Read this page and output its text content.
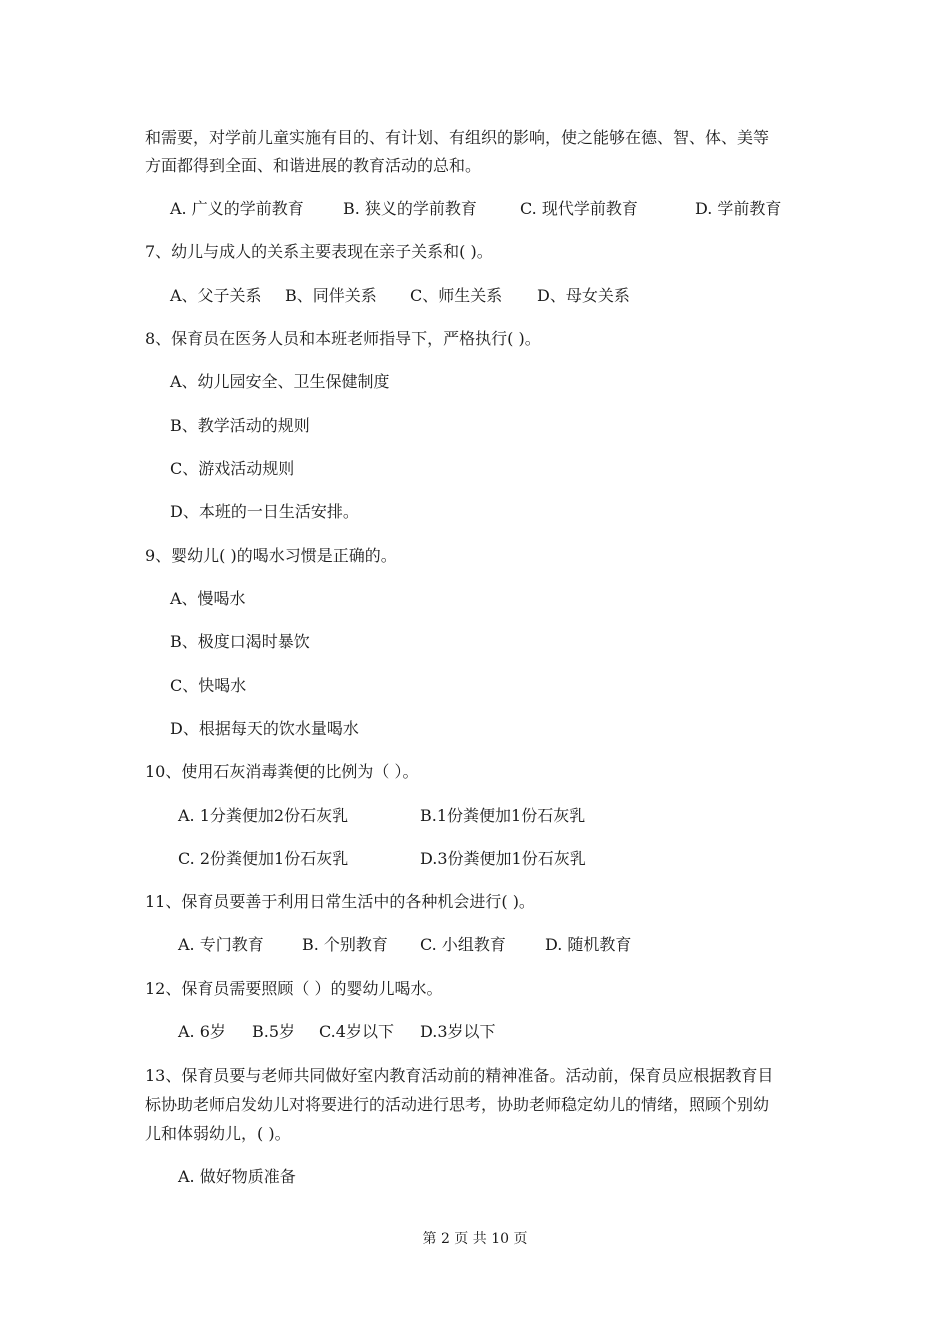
和需要，对学前儿童实施有目的、有计划、有组织的影响，使之能够在德、智、体、美等
方面都得到全面、和谐进展的教育活动的总和。
A. 广义的学前教育 B. 狭义的学前教育	C. 现代学前教育	D. 学前教育
7、幼儿与成人的关系主要表现在亲子关系和( )。
A、父子关系 B、同伴关系 C、师生关系 D、母女关系
8、保育员在医务人员和本班老师指导下，严格执行( )。
A、幼儿园安全、卫生保健制度
B、教学活动的规则
C、游戏活动规则
D、本班的一日生活安排。
9、婴幼儿( )的喝水习惯是正确的。
A、慢喝水
B、极度口渴时暴饮
C、快喝水
D、根据每天的饮水量喝水
10、使用石灰消毒粪便的比例为（ ）。
A. 1分粪便加2份石灰乳	B.1份粪便加1份石灰乳
C. 2份粪便加1份石灰乳	D.3份粪便加1份石灰乳
11、保育员要善于利用日常生活中的各种机会进行( )。
A. 专门教育 B. 个别教育 C. 小组教育 D. 随机教育
12、保育员需要照顾（ ）的婴幼儿喝水。
A. 6岁 B.5岁 C.4岁以下 D.3岁以下
13、保育员要与老师共同做好室内教育活动前的精神准备。活动前，保育员应根据教育目
标协助老师启发幼儿对将要进行的活动进行思考，协助老师稳定幼儿的情绪，照顾个别幼
儿和体弱幼儿，( )。
A. 做好物质准备
第 2 页 共 10 页
